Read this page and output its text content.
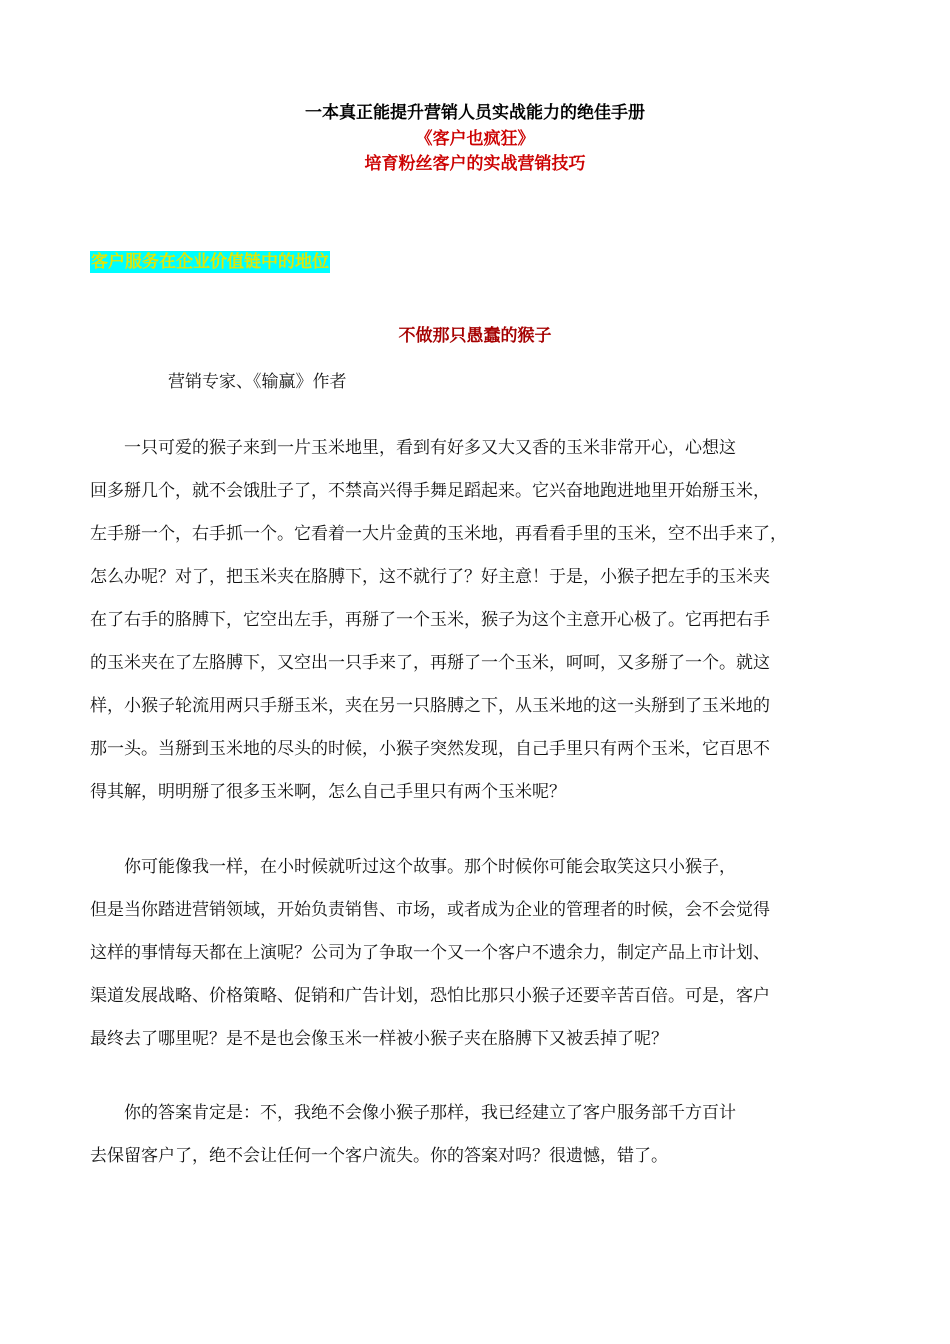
一本真正能提升营销人员实战能力的绝佳手册
《客户也疯狂》
培育粉丝客户的实战营销技巧
客户服务在企业价值链中的地位
不做那只愚蠢的猴子
营销专家、《输赢》作者
　　一只可爱的猴子来到一片玉米地里，看到有好多又大又香的玉米非常开心，心想这
回多掰几个，就不会饿肚子了，不禁高兴得手舞足蹈起来。它兴奋地跑进地里开始掰玉米，
左手掰一个，右手抓一个。它看着一大片金黄的玉米地，再看看手里的玉米，空不出手来了，
怎么办呢？对了，把玉米夹在胳膊下，这不就行了？好主意！于是，小猴子把左手的玉米夹
在了右手的胳膊下，它空出左手，再掰了一个玉米，猴子为这个主意开心极了。它再把右手
的玉米夹在了左胳膊下，又空出一只手来了，再掰了一个玉米，呵呵，又多掰了一个。就这
样，小猴子轮流用两只手掰玉米，夹在另一只胳膊之下，从玉米地的这一头掰到了玉米地的
那一头。当掰到玉米地的尽头的时候，小猴子突然发现，自己手里只有两个玉米，它百思不
得其解，明明掰了很多玉米啊，怎么自己手里只有两个玉米呢？
　　你可能像我一样，在小时候就听过这个故事。那个时候你可能会取笑这只小猴子，
但是当你踏进营销领域，开始负责销售、市场，或者成为企业的管理者的时候，会不会觉得
这样的事情每天都在上演呢？公司为了争取一个又一个客户不遗余力，制定产品上市计划、
渠道发展战略、价格策略、促销和广告计划，恐怕比那只小猴子还要辛苦百倍。可是，客户
最终去了哪里呢？是不是也会像玉米一样被小猴子夹在胳膊下又被丢掉了呢？
　　你的答案肯定是：不，我绝不会像小猴子那样，我已经建立了客户服务部千方百计
去保留客户了，绝不会让任何一个客户流失。你的答案对吗？很遗憾，错了。
